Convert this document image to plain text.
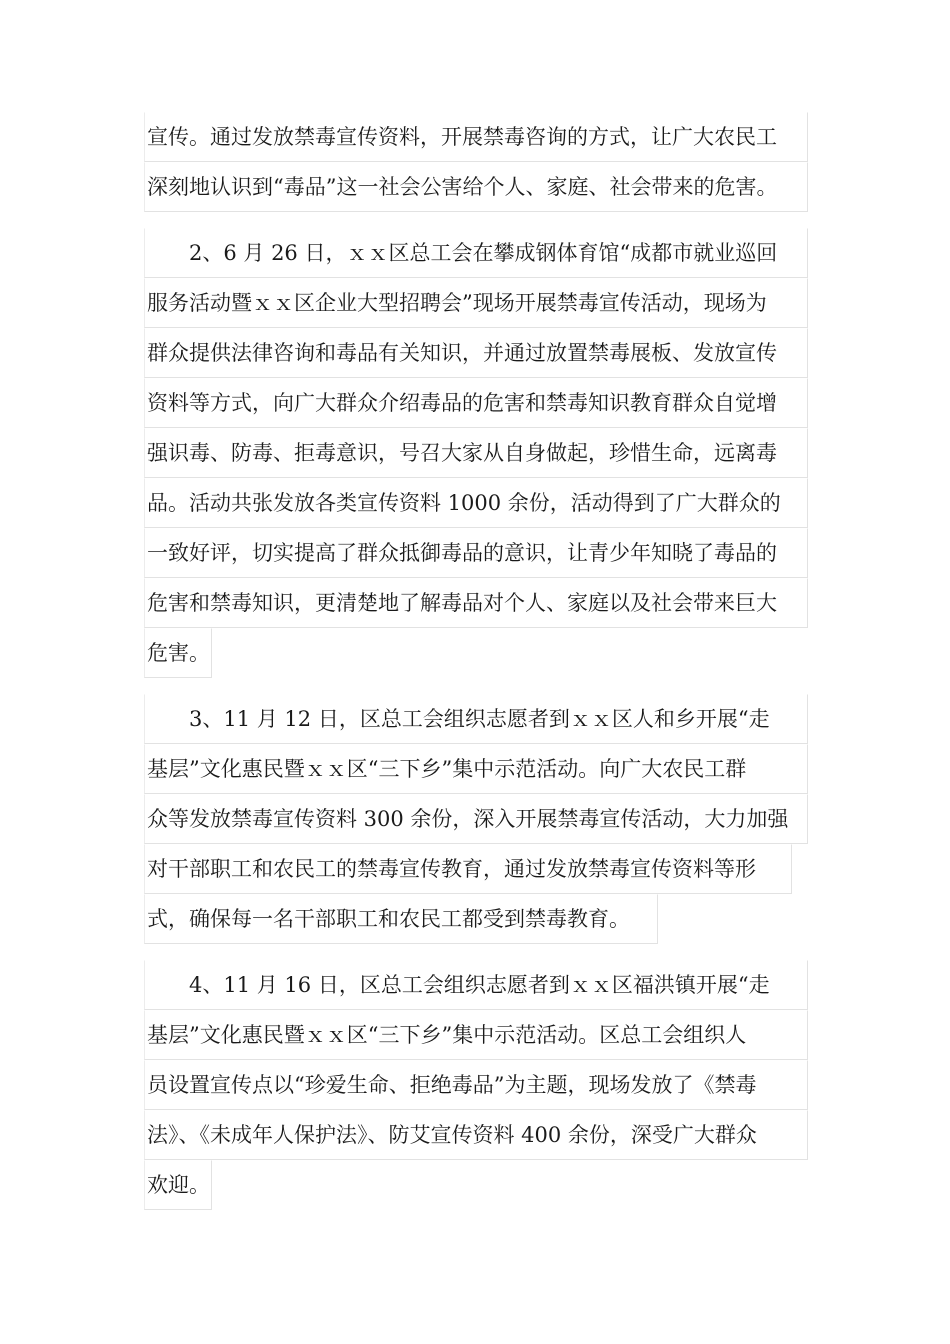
宣传。通过发放禁毒宣传资料，开展禁毒咨询的方式，让广大农民工
深刻地认识到“毒品”这一社会公害给个人、家庭、社会带来的危害。
2、6 月 26 日，ｘｘ区总工会在攀成钢体育馆“成都市就业巡回
服务活动暨ｘｘ区企业大型招聘会”现场开展禁毒宣传活动，现场为
群众提供法律咨询和毒品有关知识，并通过放置禁毒展板、发放宣传
资料等方式，向广大群众介绍毒品的危害和禁毒知识教育群众自觉增
强识毒、防毒、拒毒意识，号召大家从自身做起，珍惜生命，远离毒
品。活动共张发放各类宣传资料 1000 余份，活动得到了广大群众的
一致好评，切实提高了群众抵御毒品的意识，让青少年知晓了毒品的
危害和禁毒知识，更清楚地了解毒品对个人、家庭以及社会带来巨大
危害。
3、11 月 12 日，区总工会组织志愿者到ｘｘ区人和乡开展“走
基层”文化惠民暨ｘｘ区“三下乡”集中示范活动。向广大农民工群
众等发放禁毒宣传资料 300 余份，深入开展禁毒宣传活动，大力加强
对干部职工和农民工的禁毒宣传教育，通过发放禁毒宣传资料等形
式，确保每一名干部职工和农民工都受到禁毒教育。
4、11 月 16 日，区总工会组织志愿者到ｘｘ区福洪镇开展“走
基层”文化惠民暨ｘｘ区“三下乡”集中示范活动。区总工会组织人
员设置宣传点以“珍爱生命、拒绝毒品”为主题，现场发放了《禁毒
法》、《未成年人保护法》、防艾宣传资料 400 余份，深受广大群众
欢迎。
